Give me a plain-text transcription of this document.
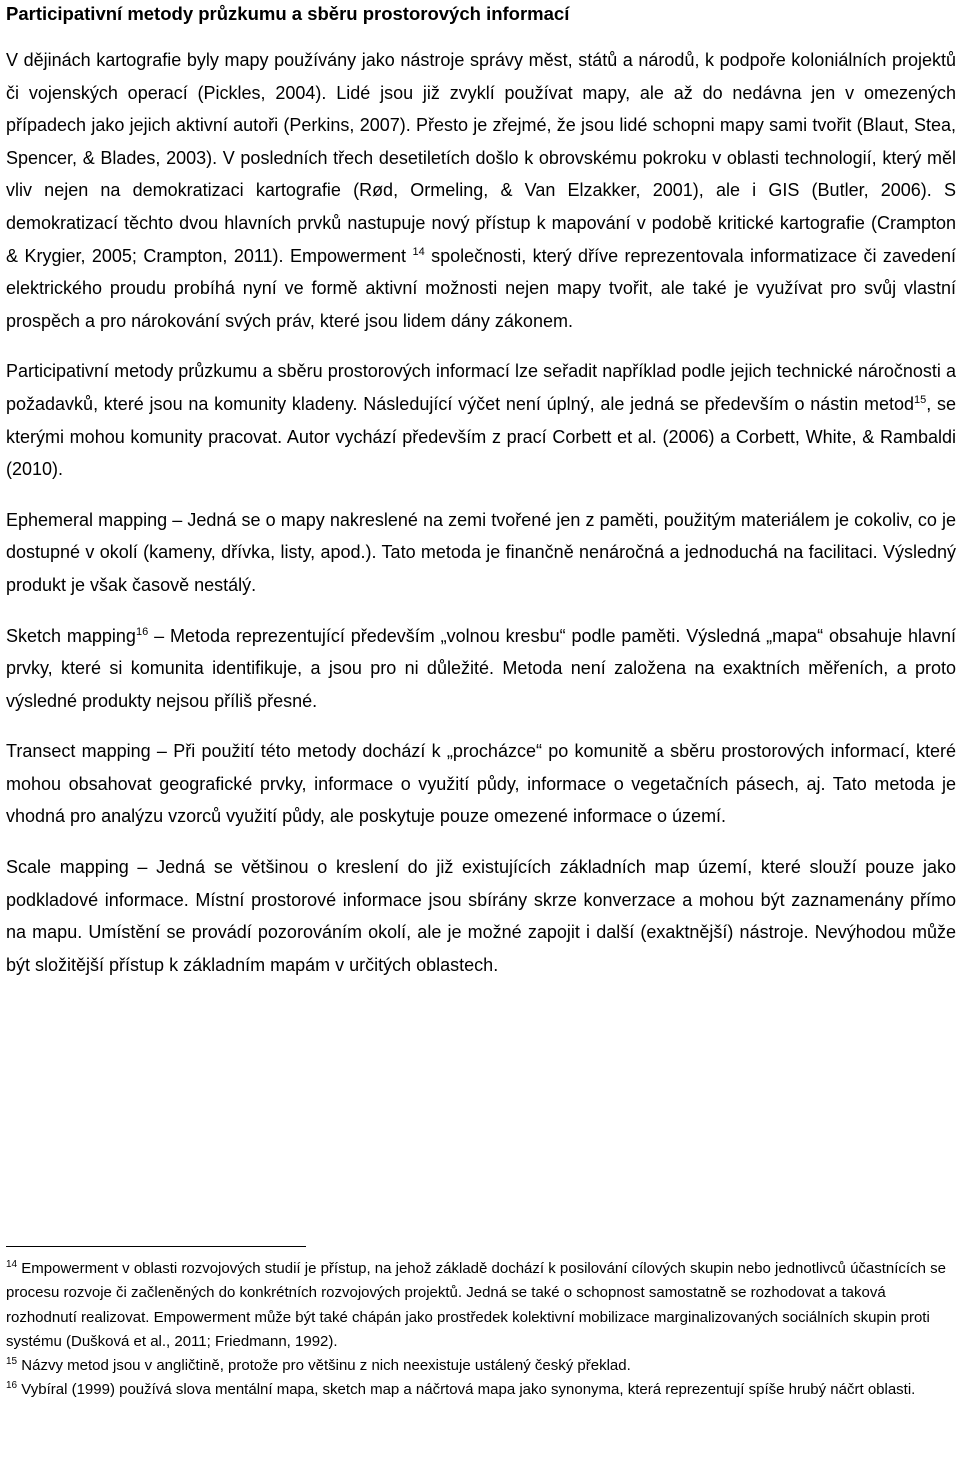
Participativní metody průzkumu a sběru prostorových informací

V dějinách kartografie byly mapy používány jako nástroje správy měst, států a národů, k podpoře koloniálních projektů či vojenských operací (Pickles, 2004). Lidé jsou již zvyklí používat mapy, ale až do nedávna jen v omezených případech jako jejich aktivní autoři (Perkins, 2007). Přesto je zřejmé, že jsou lidé schopni mapy sami tvořit (Blaut, Stea, Spencer, & Blades, 2003). V posledních třech desetiletích došlo k obrovskému pokroku v oblasti technologií, který měl vliv nejen na demokratizaci kartografie (Rød, Ormeling, & Van Elzakker, 2001), ale i GIS (Butler, 2006). S demokratizací těchto dvou hlavních prvků nastupuje nový přístup k mapování v podobě kritické kartografie (Crampton & Krygier, 2005; Crampton, 2011). Empowerment $^{14}$ společnosti, který dříve reprezentovala informatizace či zavedení elektrického proudu probíhá nyní ve formě aktivní možnosti nejen mapy tvořit, ale také je využívat pro svůj vlastní prospěch a pro nárokování svých práv, které jsou lidem dány zákonem.

Participativní metody průzkumu a sběru prostorových informací lze seřadit například podle jejich technické náročnosti a požadavků, které jsou na komunity kladeny. Následující výčet není úplný, ale jedná se především o nástin metod$^{15}$, se kterými mohou komunity pracovat. Autor vychází především z prací Corbett et al. (2006) a Corbett, White, & Rambaldi (2010).

Ephemeral mapping – Jedná se o mapy nakreslené na zemi tvořené jen z paměti, použitým materiálem je cokoliv, co je dostupné v okolí (kameny, dřívka, listy, apod.). Tato metoda je finančně nenáročná a jednoduchá na facilitaci. Výsledný produkt je však časově nestálý.

Sketch mapping$^{16}$ – Metoda reprezentující především „volnou kresbu“ podle paměti. Výsledná „mapa“ obsahuje hlavní prvky, které si komunita identifikuje, a jsou pro ni důležité. Metoda není založena na exaktních měřeních, a proto výsledné produkty nejsou příliš přesné.

Transect mapping – Při použití této metody dochází k „procházce“ po komunitě a sběru prostorových informací, které mohou obsahovat geografické prvky, informace o využití půdy, informace o vegetačních pásech, aj. Tato metoda je vhodná pro analýzu vzorců využití půdy, ale poskytuje pouze omezené informace o území.

Scale mapping – Jedná se většinou o kreslení do již existujících základních map území, které slouží pouze jako podkladové informace. Místní prostorové informace jsou sbírány skrze konverzace a mohou být zaznamenány přímo na mapu. Umístění se provádí pozorováním okolí, ale je možné zapojit i další (exaktnější) nástroje. Nevýhodou může být složitější přístup k základním mapám v určitých oblastech.

$^{14}$ Empowerment v oblasti rozvojových studií je přístup, na jehož základě dochází k posilování cílových skupin nebo jednotlivců účastnících se procesu rozvoje či začleněných do konkrétních rozvojových projektů. Jedná se také o schopnost samostatně se rozhodovat a taková rozhodnutí realizovat. Empowerment může být také chápán jako prostředek kolektivní mobilizace marginalizovaných sociálních skupin proti systému (Dušková et al., 2011; Friedmann, 1992).

$^{15}$ Názvy metod jsou v angličtině, protože pro většinu z nich neexistuje ustálený český překlad.

$^{16}$ Vybíral (1999) používá slova mentální mapa, sketch map a náčrtová mapa jako synonyma, která reprezentují spíše hrubý náčrt oblasti.
